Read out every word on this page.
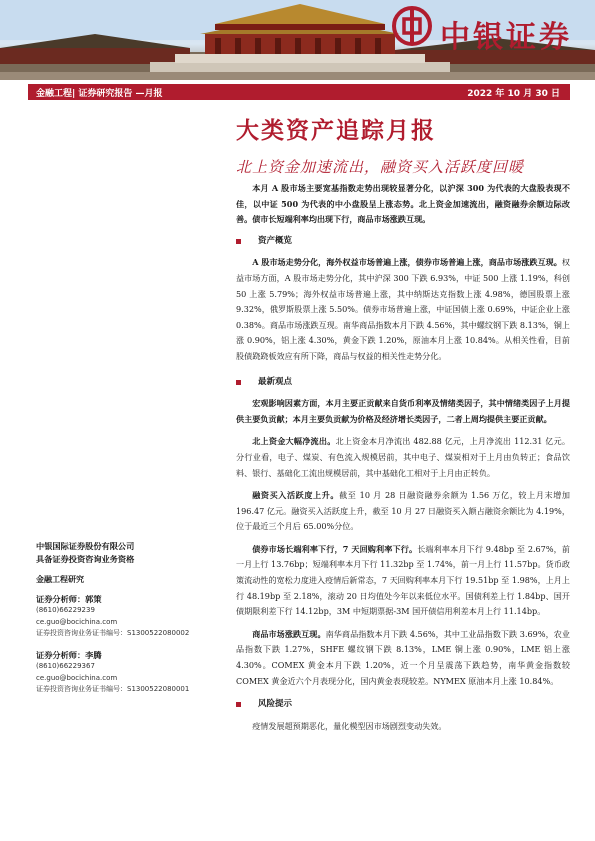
中银证券
金融工程| 证券研究报告 —月报	2022 年 10 月 30 日
大类资产追踪月报
北上资金加速流出，融资买入活跃度回暖

本月 A 股市场主要宽基指数走势出现较显著分化，以沪深 300 为代表的大盘股表现不佳，以中证 500 为代表的中小盘股呈上涨态势。北上资金加速流出，融资融券余额边际改善。债市长短端利率均出现下行，商品市场涨跌互现。

资产概览

A 股市场走势分化，海外权益市场普遍上涨，债券市场普遍上涨，商品市场涨跌互现。权益市场方面，A 股市场走势分化，其中沪深 300 下跌 6.93%，中证 500 上涨 1.19%，科创 50 上涨 5.79%；海外权益市场普遍上涨，其中纳斯达克指数上涨 4.98%，德国股票上涨 9.32%，俄罗斯股票上涨 5.50%。债券市场普遍上涨，中证国债上涨 0.69%，中证企业上涨 0.38%。商品市场涨跌互现。南华商品指数本月下跌 4.56%，其中螺纹钢下跌 8.13%，铜上涨 0.90%，铝上涨 4.30%，黄金下跌 1.20%，原油本月上涨 10.84%。从相关性看，目前股债跷跷板效应有所下降，商品与权益的相关性走势分化。

最新观点

宏观影响因素方面，本月主要正贡献来自货币利率及情绪类因子，其中情绪类因子上月提供主要负贡献；本月主要负贡献为价格及经济增长类因子，二者上周均提供主要正贡献。

北上资金大幅净流出。北上资金本月净流出 482.88 亿元，上月净流出 112.31 亿元。分行业看，电子、煤炭、有色流入规模居前，其中电子、煤炭相对于上月由负转正；食品饮料、银行、基础化工流出规模居前，其中基础化工相对于上月由正转负。

融资买入活跃度上升。截至 10 月 28 日融资融券余额为 1.56 万亿，较上月末增加 196.47 亿元。融资买入活跃度上升，截至 10 月 27 日融资买入额占融资余额比为 4.19%，位于最近三个月后 65.00%分位。

债券市场长端利率下行，7 天回购利率下行。长端利率本月下行 9.48bp 至 2.67%，前一月上行 13.76bp；短端利率本月下行 11.32bp 至 1.74%，前一月上行 11.57bp。货币政策流动性的宽松力度进入疫情后新常态，7 天回购利率本月下行 19.51bp 至 1.98%，上月上行 48.19bp 至 2.18%，滚动 20 日均值处今年以来低位水平。国债利差上行 1.84bp、国开债期限利差下行 14.12bp，3M 中短期票据-3M 国开债信用利差本月上行 11.14bp。

商品市场涨跌互现。南华商品指数本月下跌 4.56%，其中工业品指数下跌 3.69%，农业品指数下跌 1.27%，SHFE 螺纹钢下跌 8.13%，LME 铜上涨 0.90%，LME 铝上涨 4.30%。COMEX 黄金本月下跌 1.20%，近一个月呈震荡下跌趋势，南华黄金指数较 COMEX 黄金近六个月表现分化，国内黄金表现较差。NYMEX 原油本月上涨 10.84%。

风险提示

疫情发展超预期恶化，量化模型因市场剧烈变动失效。

中银国际证券股份有限公司
具备证券投资咨询业务资格
金融工程研究
证券分析师：郭策
(8610)66229239
ce.guo@bocichina.com
证券投资咨询业务证书编号：S1300522080002
证券分析师：李腾
(8610)66229367
ce.guo@bocichina.com
证券投资咨询业务证书编号：S1300522080001
